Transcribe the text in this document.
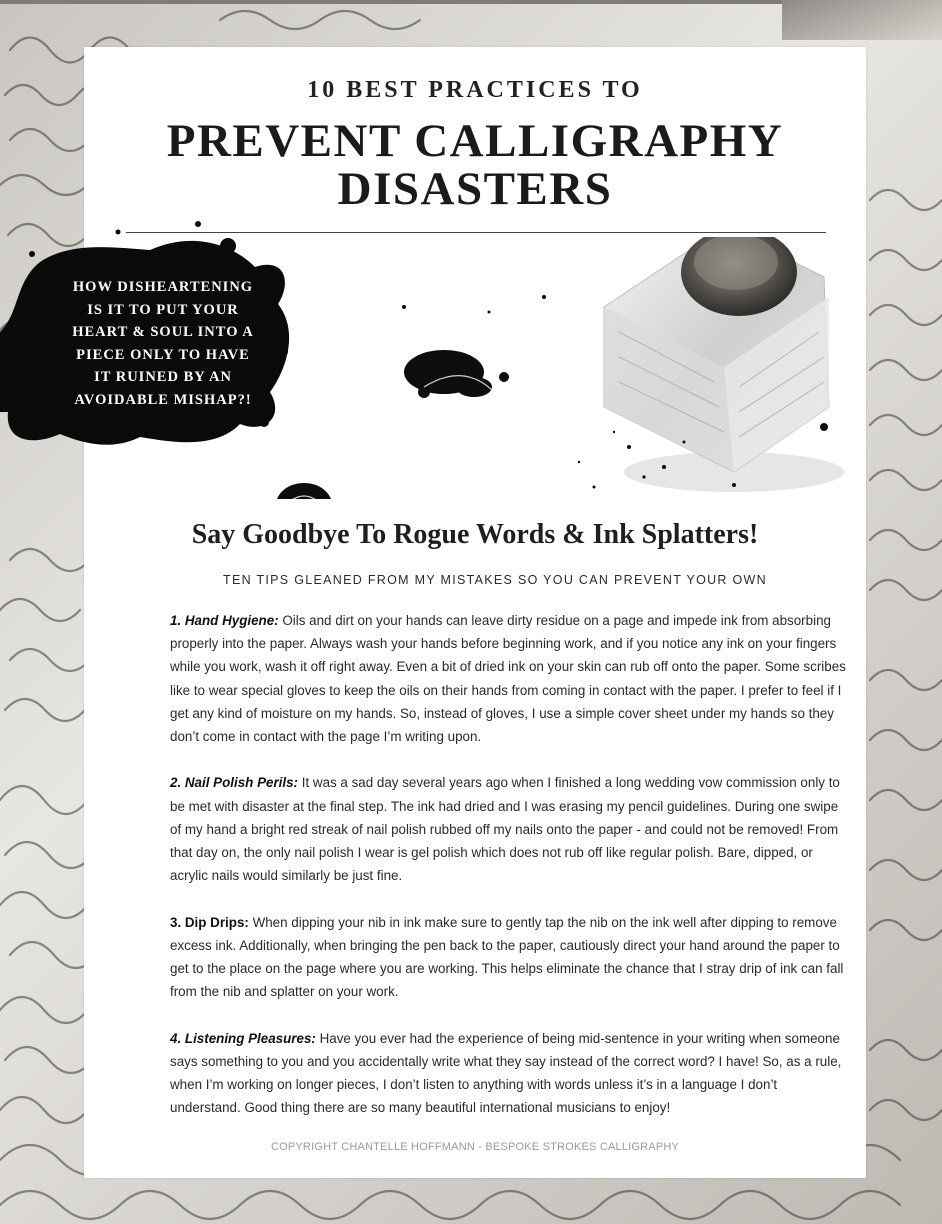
10 BEST PRACTICES TO
PREVENT CALLIGRAPHY
DISASTERS
Say Goodbye To Rogue Words & Ink Splatters!
TEN TIPS GLEANED FROM MY MISTAKES SO YOU CAN PREVENT YOUR OWN

1. Hand Hygiene: Oils and dirt on your hands can leave dirty residue on a page and impede ink from absorbing properly into the paper. Always wash your hands before beginning work, and if you notice any ink on your fingers while you work, wash it off right away. Even a bit of dried ink on your skin can rub off onto the paper. Some scribes like to wear special gloves to keep the oils on their hands from coming in contact with the paper. I prefer to feel if I get any kind of moisture on my hands. So, instead of gloves, I use a simple cover sheet under my hands so they don’t come in contact with the page I’m writing upon.

2. Nail Polish Perils: It was a sad day several years ago when I finished a long wedding vow commission only to be met with disaster at the final step. The ink had dried and I was erasing my pencil guidelines. During one swipe of my hand a bright red streak of nail polish rubbed off my nails onto the paper - and could not be removed! From that day on, the only nail polish I wear is gel polish which does not rub off like regular polish. Bare, dipped, or acrylic nails would similarly be just fine.

3. Dip Drips: When dipping your nib in ink make sure to gently tap the nib on the ink well after dipping to remove excess ink. Additionally, when bringing the pen back to the paper, cautiously direct your hand around the paper to get to the place on the page where you are working. This helps eliminate the chance that I stray drip of ink can fall from the nib and splatter on your work.

4. Listening Pleasures: Have you ever had the experience of being mid-sentence in your writing when someone says something to you and you accidentally write what they say instead of the correct word? I have! So, as a rule, when I’m working on longer pieces, I don’t listen to anything with words unless it’s in a language I don’t understand. Good thing there are so many beautiful international musicians to enjoy!

COPYRIGHT CHANTELLE HOFFMANN - BESPOKE STROKES CALLIGRAPHY
HOW DISHEARTENING
IS IT TO PUT YOUR
HEART & SOUL INTO A
PIECE ONLY TO HAVE
IT RUINED BY AN
AVOIDABLE MISHAP?!
